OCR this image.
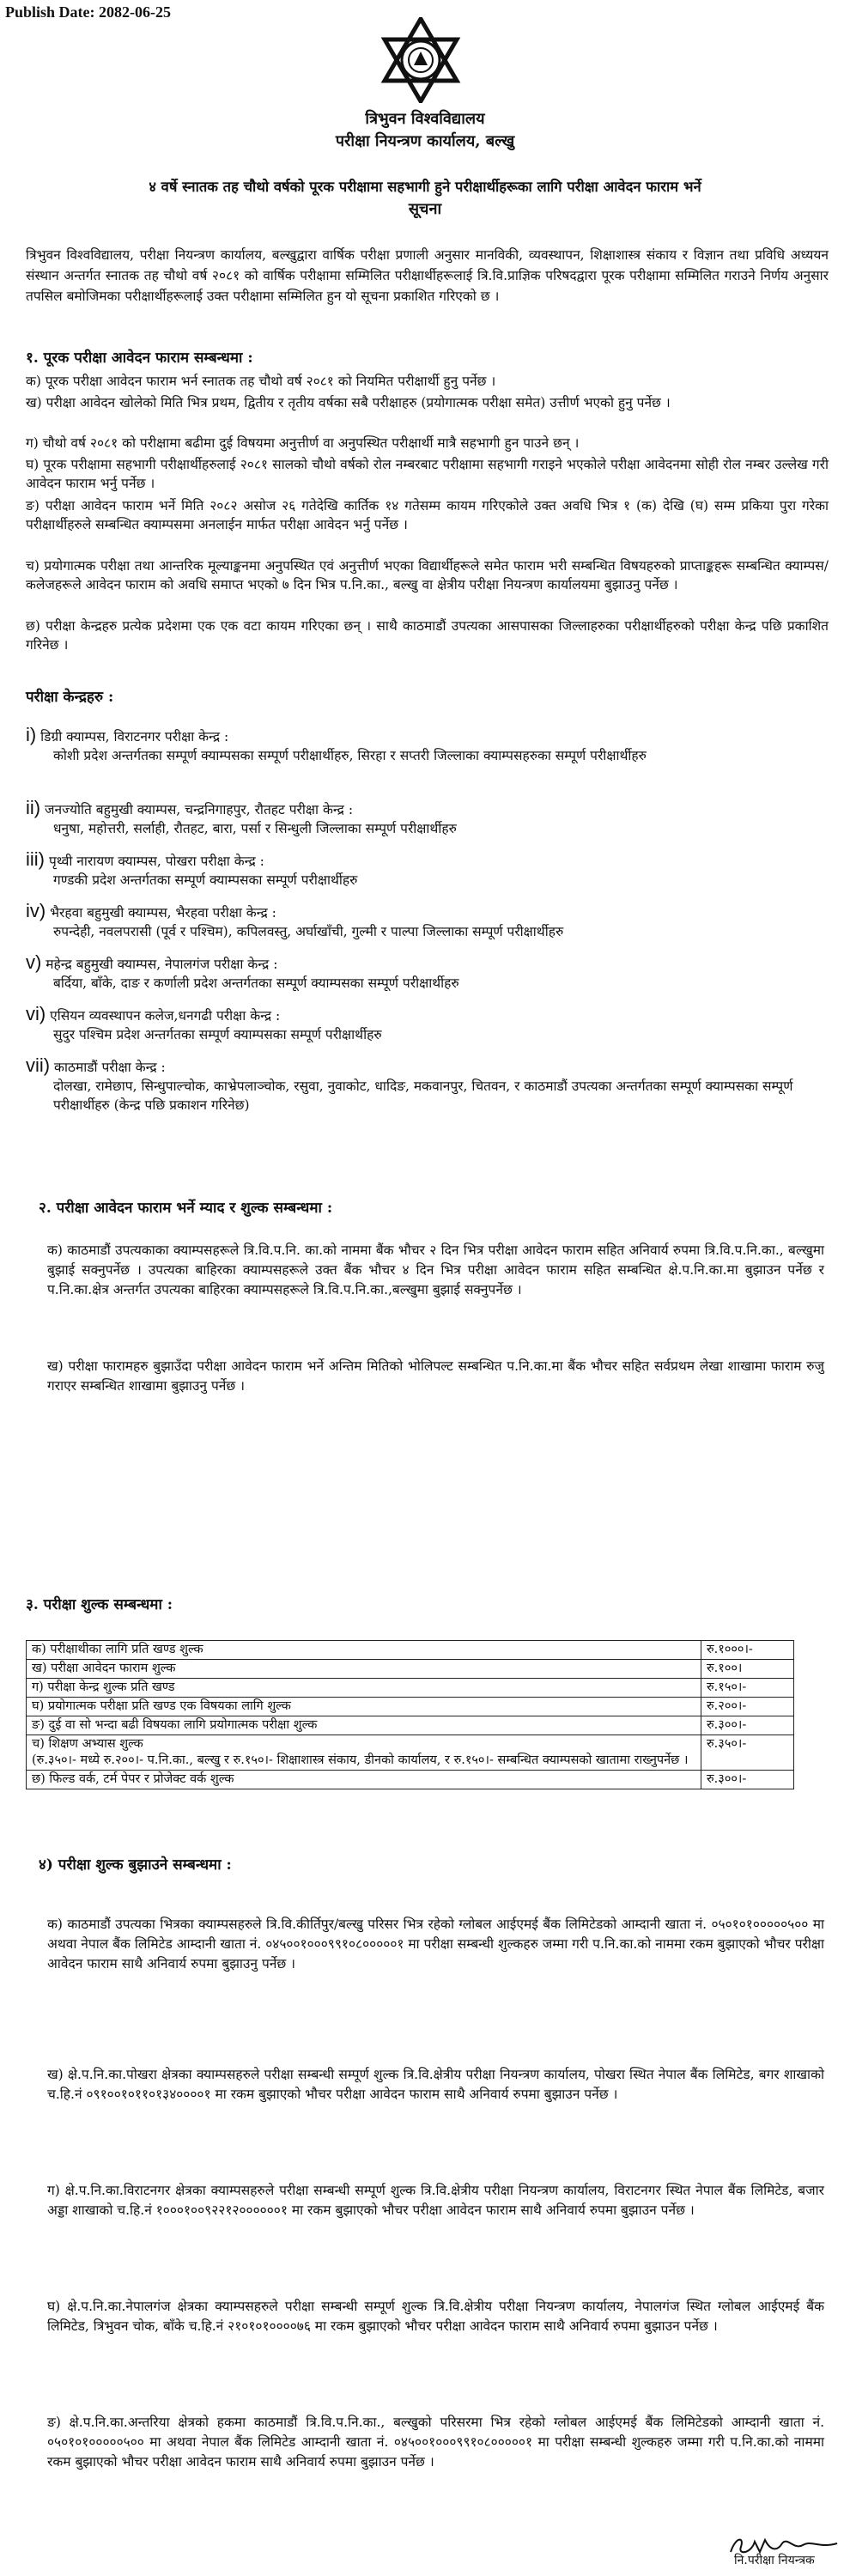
Publish Date: 2082-06-25
त्रिभुवन विश्वविद्यालय
परीक्षा नियन्त्रण कार्यालय, बल्खु
४ वर्षे स्नातक तह चौथो वर्षको पूरक परीक्षामा सहभागी हुने परीक्षार्थीहरूका लागि परीक्षा आवेदन फाराम भर्ने
सूचना
त्रिभुवन विश्वविद्यालय, परीक्षा नियन्त्रण कार्यालय, बल्खुद्वारा वार्षिक परीक्षा प्रणाली अनुसार मानविकी, व्यवस्थापन, शिक्षाशास्त्र संकाय र विज्ञान तथा प्रविधि अध्ययन संस्थान अन्तर्गत स्नातक तह चौथो वर्ष २०८१ को वार्षिक परीक्षामा सम्मिलित परीक्षार्थीहरूलाई त्रि.वि.प्राज्ञिक परिषदद्वारा पूरक परीक्षामा सम्मिलित गराउने निर्णय अनुसार तपसिल बमोजिमका परीक्षार्थीहरूलाई उक्त परीक्षामा सम्मिलित हुन यो सूचना प्रकाशित गरिएको छ ।
१. पूरक परीक्षा आवेदन फाराम सम्बन्धमा :
क) पूरक परीक्षा आवेदन फाराम भर्न स्नातक तह चौथो वर्ष २०८१ को नियमित परीक्षार्थी हुनु पर्नेछ ।
ख) परीक्षा आवेदन खोलेको मिति भित्र प्रथम, द्वितीय र तृतीय वर्षका सबै परीक्षाहरु (प्रयोगात्मक परीक्षा समेत) उत्तीर्ण भएको हुनु पर्नेछ ।
ग) चौथो वर्ष २०८१ को परीक्षामा बढीमा दुई विषयमा अनुत्तीर्ण वा अनुपस्थित परीक्षार्थी मात्रै सहभागी हुन पाउने छन् ।
घ) पूरक परीक्षामा सहभागी परीक्षार्थीहरुलाई २०८१ सालको चौथो वर्षको रोल नम्बरबाट परीक्षामा सहभागी गराइने भएकोले परीक्षा आवेदनमा सोही रोल नम्बर उल्लेख गरी आवेदन फाराम भर्नु पर्नेछ ।
ङ) परीक्षा आवेदन फाराम भर्ने मिति २०८२ असोज २६ गतेदेखि कार्तिक १४ गतेसम्म कायम गरिएकोले उक्त अवधि भित्र १ (क) देखि (घ) सम्म प्रकिया पुरा गरेका परीक्षार्थीहरुले सम्बन्धित क्याम्पसमा अनलाईन मार्फत परीक्षा आवेदन भर्नु पर्नेछ ।
च) प्रयोगात्मक परीक्षा तथा आन्तरिक मूल्याङ्कनमा अनुपस्थित एवं अनुत्तीर्ण भएका विद्यार्थीहरूले समेत फाराम भरी सम्बन्धित विषयहरुको प्राप्ताङ्कहरू सम्बन्धित क्याम्पस/कलेजहरूले आवेदन फाराम को अवधि समाप्त भएको ७ दिन भित्र प.नि.का., बल्खु वा क्षेत्रीय परीक्षा नियन्त्रण कार्यालयमा बुझाउनु पर्नेछ ।
छ) परीक्षा केन्द्रहरु प्रत्येक प्रदेशमा एक एक वटा कायम गरिएका छन् । साथै काठमाडौं उपत्यका आसपासका जिल्लाहरुका परीक्षार्थीहरुको परीक्षा केन्द्र पछि प्रकाशित गरिनेछ ।
परीक्षा केन्द्रहरु :
i) डिग्री क्याम्पस, विराटनगर परीक्षा केन्द्र :
कोशी प्रदेश अन्तर्गतका सम्पूर्ण क्याम्पसका सम्पूर्ण परीक्षार्थीहरु, सिरहा र सप्तरी जिल्लाका क्याम्पसहरुका सम्पूर्ण परीक्षार्थीहरु
ii) जनज्योति बहुमुखी क्याम्पस, चन्द्रनिगाहपुर, रौतहट परीक्षा केन्द्र :
धनुषा, महोत्तरी, सर्लाही, रौतहट, बारा, पर्सा र सिन्धुली जिल्लाका सम्पूर्ण परीक्षार्थीहरु
iii) पृथ्वी नारायण क्याम्पस, पोखरा परीक्षा केन्द्र :
गण्डकी प्रदेश अन्तर्गतका सम्पूर्ण क्याम्पसका सम्पूर्ण परीक्षार्थीहरु
iv) भैरहवा बहुमुखी क्याम्पस, भैरहवा परीक्षा केन्द्र :
रुपन्देही, नवलपरासी (पूर्व र पश्चिम), कपिलवस्तु, अर्घाखाँची, गुल्मी र पाल्पा जिल्लाका सम्पूर्ण परीक्षार्थीहरु
v) महेन्द्र बहुमुखी क्याम्पस, नेपालगंज परीक्षा केन्द्र :
बर्दिया, बाँके, दाङ र कर्णाली प्रदेश अन्तर्गतका सम्पूर्ण क्याम्पसका सम्पूर्ण परीक्षार्थीहरु
vi) एसियन व्यवस्थापन कलेज,धनगढी परीक्षा केन्द्र :
सुदुर पश्चिम प्रदेश अन्तर्गतका सम्पूर्ण क्याम्पसका सम्पूर्ण परीक्षार्थीहरु
vii) काठमाडौं परीक्षा केन्द्र :
दोलखा, रामेछाप, सिन्धुपाल्चोक, काभ्रेपलाञ्चोक, रसुवा, नुवाकोट, धादिङ, मकवानपुर, चितवन, र काठमाडौं उपत्यका अन्तर्गतका सम्पूर्ण क्याम्पसका सम्पूर्ण परीक्षार्थीहरु (केन्द्र पछि प्रकाशन गरिनेछ)
२. परीक्षा आवेदन फाराम भर्ने म्याद र शुल्क सम्बन्धमा :
क) काठमाडौं उपत्यकाका क्याम्पसहरूले त्रि.वि.प.नि. का.को नाममा बैंक भौचर २ दिन भित्र परीक्षा आवेदन फाराम सहित अनिवार्य रुपमा त्रि.वि.प.नि.का., बल्खुमा बुझाई सक्नुपर्नेछ । उपत्यका बाहिरका क्याम्पसहरूले उक्त बैंक भौचर ४ दिन भित्र परीक्षा आवेदन फाराम सहित सम्बन्धित क्षे.प.नि.का.मा बुझाउन पर्नेछ र प.नि.का.क्षेत्र अन्तर्गत उपत्यका बाहिरका क्याम्पसहरूले त्रि.वि.प.नि.का.,बल्खुमा बुझाई सक्नुपर्नेछ ।
ख) परीक्षा फारामहरु बुझाउँदा परीक्षा आवेदन फाराम भर्ने अन्तिम मितिको भोलिपल्ट सम्बन्धित प.नि.का.मा बैंक भौचर सहित सर्वप्रथम लेखा शाखामा फाराम रुजु गराएर सम्बन्धित शाखामा बुझाउनु पर्नेछ ।
३. परीक्षा शुल्क सम्बन्धमा :
क) परीक्षाथीका लागि प्रति खण्ड शुल्क	रु.१०००।-
ख) परीक्षा आवेदन फाराम शुल्क	रु.१००।
ग) परीक्षा केन्द्र शुल्क प्रति खण्ड	रु.१५०।-
घ) प्रयोगात्मक परीक्षा प्रति खण्ड एक विषयका लागि शुल्क	रु.२००।-
ङ) दुई वा सो भन्दा बढी विषयका लागि प्रयोगात्मक परीक्षा शुल्क	रु.३००।-

च) शिक्षण अभ्यास शुल्क
(रु.३५०।- मध्ये रु.२००।- प.नि.का., बल्खु र रु.१५०।- शिक्षाशास्त्र संकाय, डीनको कार्यालय, र रु.१५०।- सम्बन्धित क्याम्पसको खातामा राख्नुपर्नेछ ।	रु.३५०।-
छ) फिल्ड वर्क, टर्म पेपर र प्रोजेक्ट वर्क शुल्क	रु.३००।-
४) परीक्षा शुल्क बुझाउने सम्बन्धमा :
क) काठमाडौं उपत्यका भित्रका क्याम्पसहरुले त्रि.वि.कीर्तिपुर/बल्खु परिसर भित्र रहेको ग्लोबल आईएमई बैंक लिमिटेडको आम्दानी खाता नं. ०५०१०१०००००५०० मा अथवा नेपाल बैंक लिमिटेड आम्दानी खाता नं. ०४५००१०००९९१०८०००००१ मा परीक्षा सम्बन्धी शुल्कहरु जम्मा गरी प.नि.का.को नाममा रकम बुझाएको भौचर परीक्षा आवेदन फाराम साथै अनिवार्य रुपमा बुझाउनु पर्नेछ ।
ख) क्षे.प.नि.का.पोखरा क्षेत्रका क्याम्पसहरुले परीक्षा सम्बन्धी सम्पूर्ण शुल्क त्रि.वि.क्षेत्रीय परीक्षा नियन्त्रण कार्यालय, पोखरा स्थित नेपाल बैंक लिमिटेड, बगर शाखाको च.हि.नं ०९१००१०११०१३४००००१ मा रकम बुझाएको भौचर परीक्षा आवेदन फाराम साथै अनिवार्य रुपमा बुझाउन पर्नेछ ।
ग) क्षे.प.नि.का.विराटनगर क्षेत्रका क्याम्पसहरुले परीक्षा सम्बन्धी सम्पूर्ण शुल्क त्रि.वि.क्षेत्रीय परीक्षा नियन्त्रण कार्यालय, विराटनगर स्थित नेपाल बैंक लिमिटेड, बजार अड्डा शाखाको च.हि.नं १०००१००९२२१२००००००१ मा रकम बुझाएको भौचर परीक्षा आवेदन फाराम साथै अनिवार्य रुपमा बुझाउन पर्नेछ ।
घ) क्षे.प.नि.का.नेपालगंज क्षेत्रका क्याम्पसहरुले परीक्षा सम्बन्धी सम्पूर्ण शुल्क त्रि.वि.क्षेत्रीय परीक्षा नियन्त्रण कार्यालय, नेपालगंज स्थित ग्लोबल आईएमई बैंक लिमिटेड, त्रिभुवन चोक, बाँके च.हि.नं २१०१०१००००७६ मा रकम बुझाएको भौचर परीक्षा आवेदन फाराम साथै अनिवार्य रुपमा बुझाउन पर्नेछ ।
ङ) क्षे.प.नि.का.अन्तरिया क्षेत्रको हकमा काठमाडौं त्रि.वि.प.नि.का., बल्खुको परिसरमा भित्र रहेको ग्लोबल आईएमई बैंक लिमिटेडको आम्दानी खाता नं. ०५०१०१०००००५०० मा अथवा नेपाल बैंक लिमिटेड आम्दानी खाता नं. ०४५००१०००९९१०८०००००१ मा परीक्षा सम्बन्धी शुल्कहरु जम्मा गरी प.नि.का.को नाममा रकम बुझाएको भौचर परीक्षा आवेदन फाराम साथै अनिवार्य रुपमा बुझाउन पर्नेछ ।
नि.परीक्षा नियन्त्रक
